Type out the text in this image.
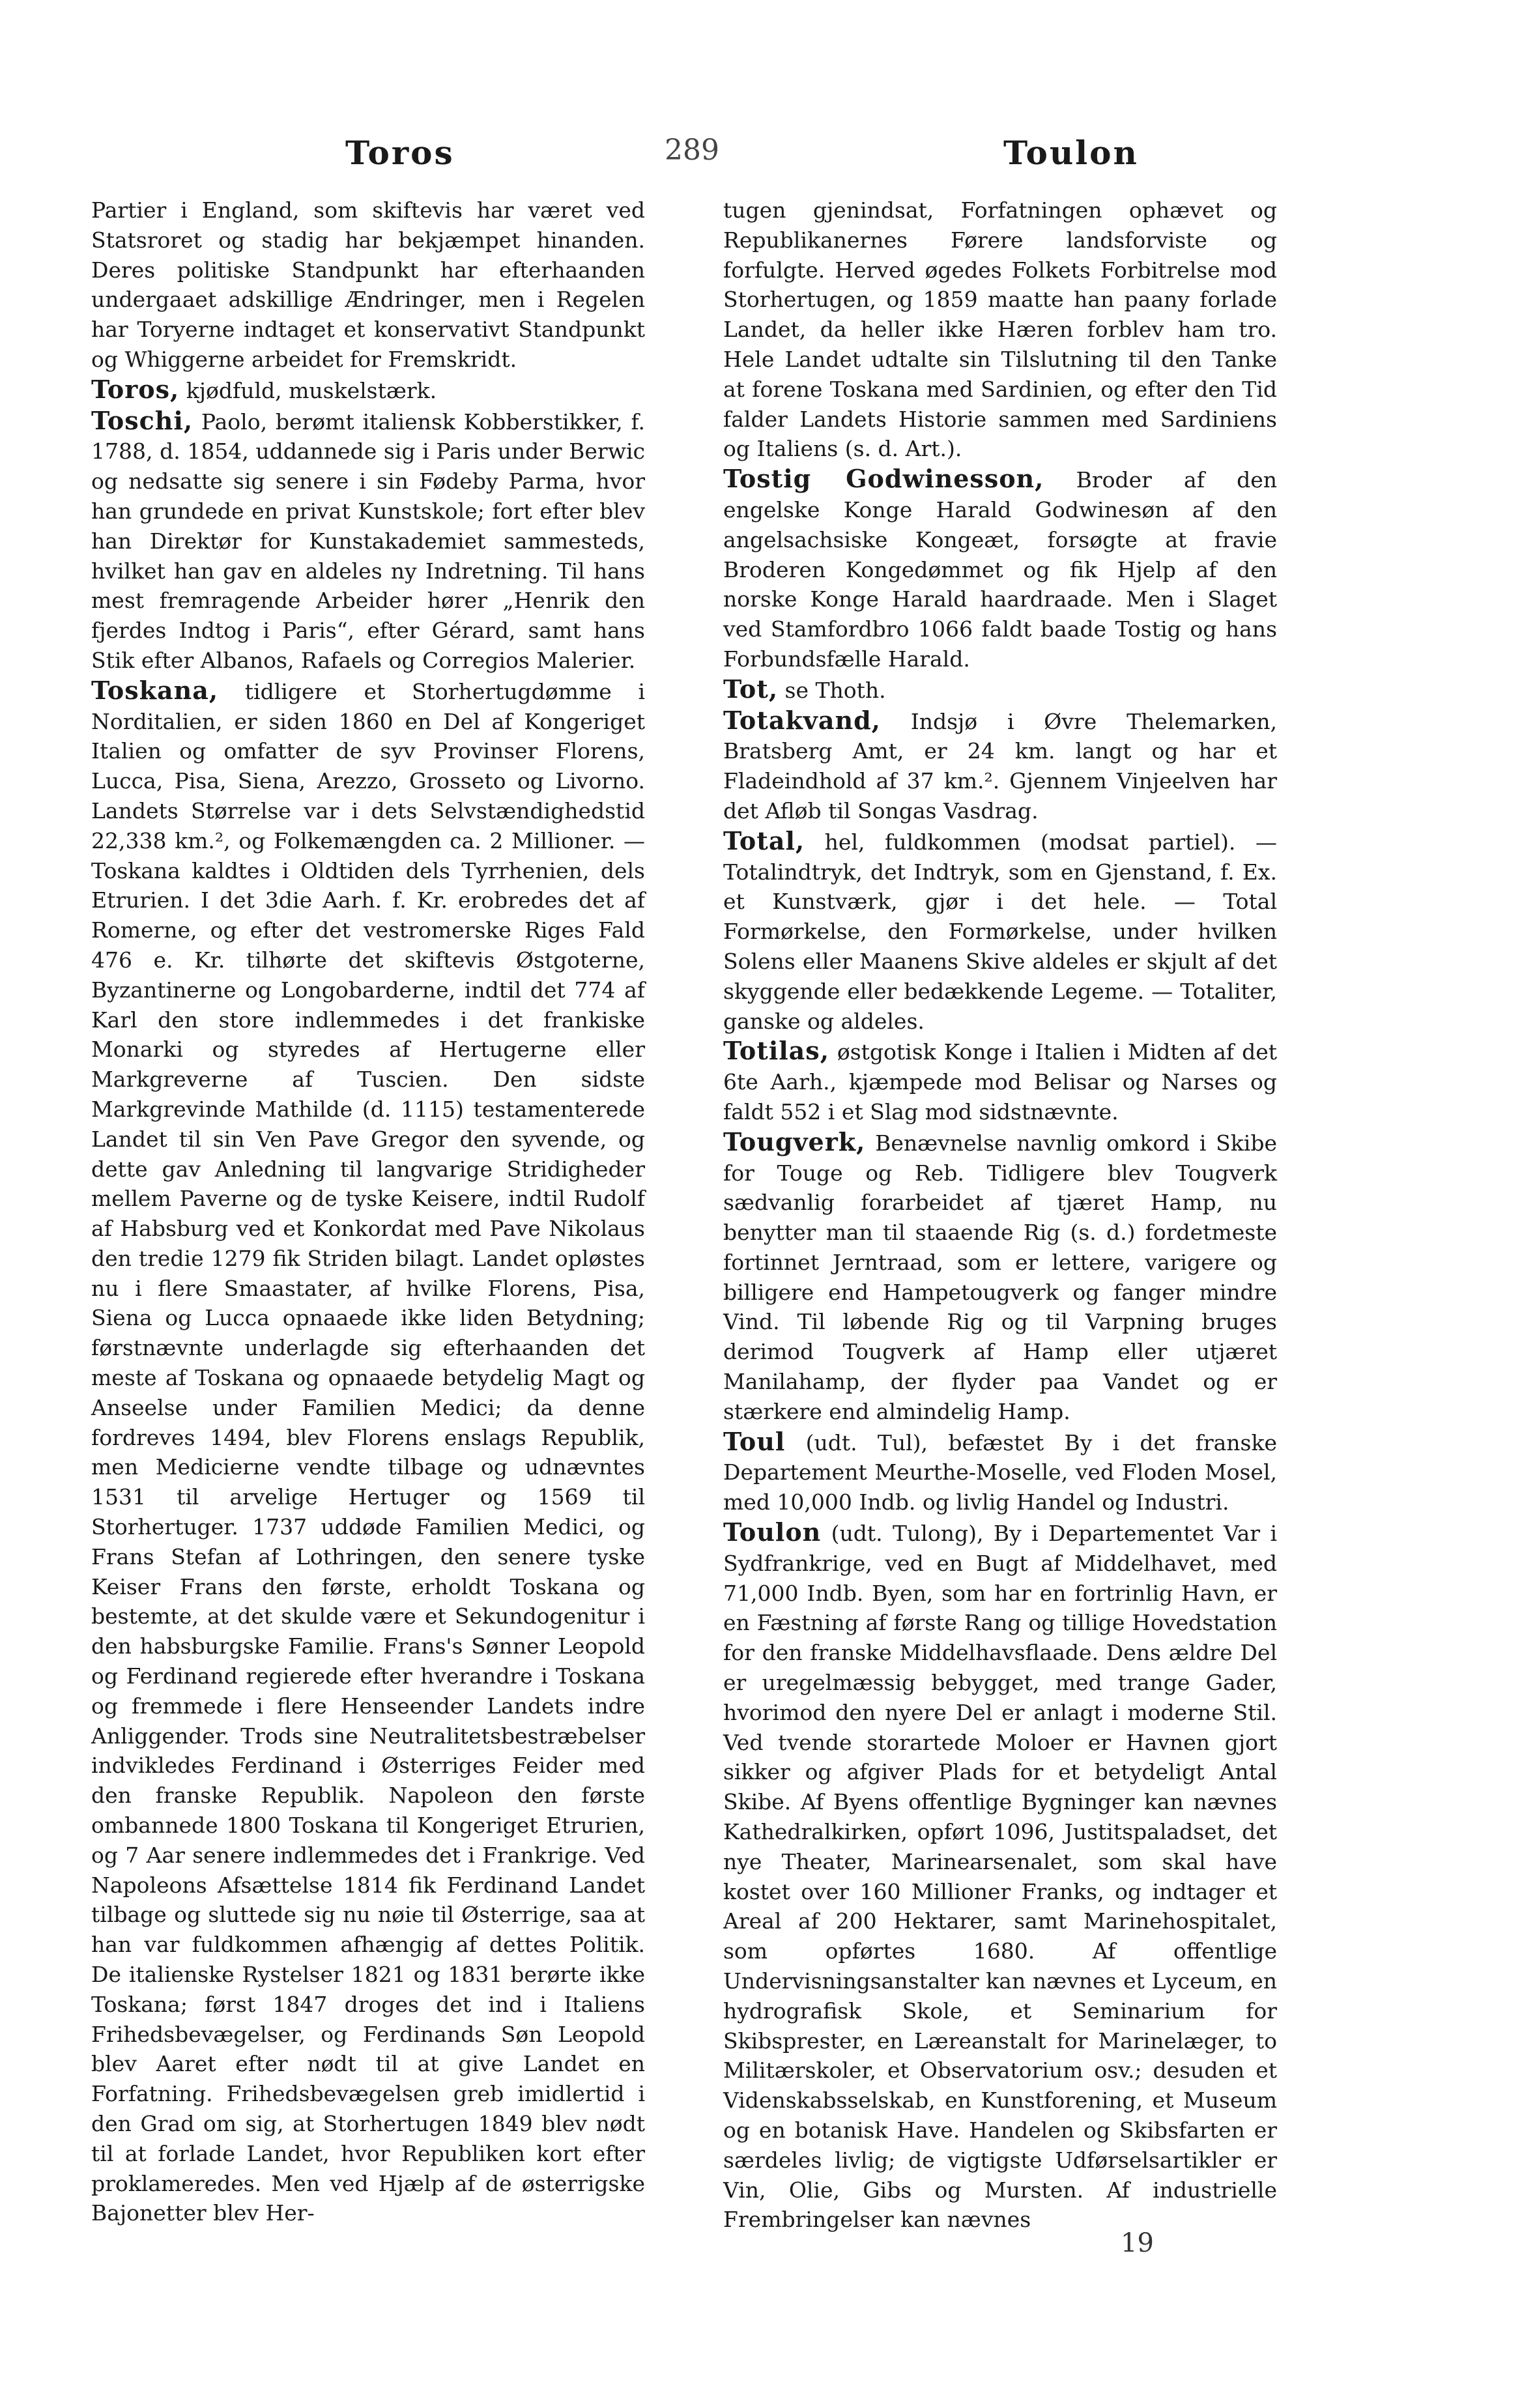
Toros	289	Toulon

Partier i England, som skiftevis har været ved Statsroret og stadig har bekjæmpet hinanden. Deres politiske Standpunkt har efterhaanden undergaaet adskillige Ændringer, men i Regelen har Toryerne indtaget et konservativt Standpunkt og Whiggerne arbeidet for Fremskridt.

Toros, kjødfuld, muskelstærk.

Toschi, Paolo, berømt italiensk Kobberstikker, f. 1788, d. 1854, uddannede sig i Paris under Berwic og nedsatte sig senere i sin Fødeby Parma, hvor han grundede en privat Kunstskole; fort efter blev han Direktør for Kunstakademiet sammesteds, hvilket han gav en aldeles ny Indretning. Til hans mest fremragende Arbeider hører „Henrik den fjerdes Indtog i Paris“, efter Gérard, samt hans Stik efter Albanos, Rafaels og Corregios Malerier.

Toskana, tidligere et Storhertugdømme i Norditalien, er siden 1860 en Del af Kongeriget Italien og omfatter de syv Provinser Florens, Lucca, Pisa, Siena, Arezzo, Grosseto og Livorno. Landets Størrelse var i dets Selvstændighedstid 22,338 km.², og Folkemængden ca. 2 Millioner. — Toskana kaldtes i Oldtiden dels Tyrrhenien, dels Etrurien. I det 3die Aarh. f. Kr. erobredes det af Romerne, og efter det vestromerske Riges Fald 476 e. Kr. tilhørte det skiftevis Østgoterne, Byzantinerne og Longobarderne, indtil det 774 af Karl den store indlemmedes i det frankiske Monarki og styredes af Hertugerne eller Markgreverne af Tuscien. Den sidste Markgrevinde Mathilde (d. 1115) testamenterede Landet til sin Ven Pave Gregor den syvende, og dette gav Anledning til langvarige Stridigheder mellem Paverne og de tyske Keisere, indtil Rudolf af Habsburg ved et Konkordat med Pave Nikolaus den tredie 1279 fik Striden bilagt. Landet opløstes nu i flere Smaastater, af hvilke Florens, Pisa, Siena og Lucca opnaaede ikke liden Betydning; førstnævnte underlagde sig efterhaanden det meste af Toskana og opnaaede betydelig Magt og Anseelse under Familien Medici; da denne fordreves 1494, blev Florens enslags Republik, men Medicierne vendte tilbage og udnævntes 1531 til arvelige Hertuger og 1569 til Storhertuger. 1737 uddøde Familien Medici, og Frans Stefan af Lothringen, den senere tyske Keiser Frans den første, erholdt Toskana og bestemte, at det skulde være et Sekundogenitur i den habsburgske Familie. Frans's Sønner Leopold og Ferdinand regierede efter hverandre i Toskana og fremmede i flere Henseender Landets indre Anliggender. Trods sine Neutralitetsbestræbelser indvikledes Ferdinand i Østerriges Feider med den franske Republik. Napoleon den første ombannede 1800 Toskana til Kongeriget Etrurien, og 7 Aar senere indlemmedes det i Frankrige. Ved Napoleons Afsættelse 1814 fik Ferdinand Landet tilbage og sluttede sig nu nøie til Østerrige, saa at han var fuldkommen afhængig af dettes Politik. De italienske Rystelser 1821 og 1831 berørte ikke Toskana; først 1847 droges det ind i Italiens Frihedsbevægelser, og Ferdinands Søn Leopold blev Aaret efter nødt til at give Landet en Forfatning. Frihedsbevægelsen greb imidlertid i den Grad om sig, at Storhertugen 1849 blev nødt til at forlade Landet, hvor Republiken kort efter proklameredes. Men ved Hjælp af de østerrigske Bajonetter blev Her-

tugen gjenindsat, Forfatningen ophævet og Republikanernes Førere landsforviste og forfulgte. Herved øgedes Folkets Forbitrelse mod Storhertugen, og 1859 maatte han paany forlade Landet, da heller ikke Hæren forblev ham tro. Hele Landet udtalte sin Tilslutning til den Tanke at forene Toskana med Sardinien, og efter den Tid falder Landets Historie sammen med Sardiniens og Italiens (s. d. Art.).

Tostig Godwinesson, Broder af den engelske Konge Harald Godwinesøn af den angelsachsiske Kongeæt, forsøgte at fravie Broderen Kongedømmet og fik Hjelp af den norske Konge Harald haardraade. Men i Slaget ved Stamfordbro 1066 faldt baade Tostig og hans Forbundsfælle Harald.

Tot, se Thoth.

Totakvand, Indsjø i Øvre Thelemarken, Bratsberg Amt, er 24 km. langt og har et Fladeindhold af 37 km.². Gjennem Vinjeelven har det Afløb til Songas Vasdrag.

Total, hel, fuldkommen (modsat partiel). — Totalindtryk, det Indtryk, som en Gjenstand, f. Ex. et Kunstværk, gjør i det hele. — Total Formørkelse, den Formørkelse, under hvilken Solens eller Maanens Skive aldeles er skjult af det skyggende eller bedækkende Legeme. — Totaliter, ganske og aldeles.

Totilas, østgotisk Konge i Italien i Midten af det 6te Aarh., kjæmpede mod Belisar og Narses og faldt 552 i et Slag mod sidstnævnte.

Tougverk, Benævnelse navnlig omkord i Skibe for Touge og Reb. Tidligere blev Tougverk sædvanlig forarbeidet af tjæret Hamp, nu benytter man til staaende Rig (s. d.) fordetmeste fortinnet Jerntraad, som er lettere, varigere og billigere end Hampetougverk og fanger mindre Vind. Til løbende Rig og til Varpning bruges derimod Tougverk af Hamp eller utjæret Manilahamp, der flyder paa Vandet og er stærkere end almindelig Hamp.

Toul (udt. Tul), befæstet By i det franske Departement Meurthe-Moselle, ved Floden Mosel, med 10,000 Indb. og livlig Handel og Industri.

Toulon (udt. Tulong), By i Departementet Var i Sydfrankrige, ved en Bugt af Middelhavet, med 71,000 Indb. Byen, som har en fortrinlig Havn, er en Fæstning af første Rang og tillige Hovedstation for den franske Middelhavsflaade. Dens ældre Del er uregelmæssig bebygget, med trange Gader, hvorimod den nyere Del er anlagt i moderne Stil. Ved tvende storartede Moloer er Havnen gjort sikker og afgiver Plads for et betydeligt Antal Skibe. Af Byens offentlige Bygninger kan nævnes Kathedralkirken, opført 1096, Justitspaladset, det nye Theater, Marinearsenalet, som skal have kostet over 160 Millioner Franks, og indtager et Areal af 200 Hektarer, samt Marinehospitalet, som opførtes 1680. Af offentlige Undervisningsanstalter kan nævnes et Lyceum, en hydrografisk Skole, et Seminarium for Skibsprester, en Læreanstalt for Marinelæger, to Militærskoler, et Observatorium osv.; desuden et Videnskabsselskab, en Kunstforening, et Museum og en botanisk Have. Handelen og Skibsfarten er særdeles livlig; de vigtigste Udførselsartikler er Vin, Olie, Gibs og Mursten. Af industrielle Frembringelser kan nævnes

19
